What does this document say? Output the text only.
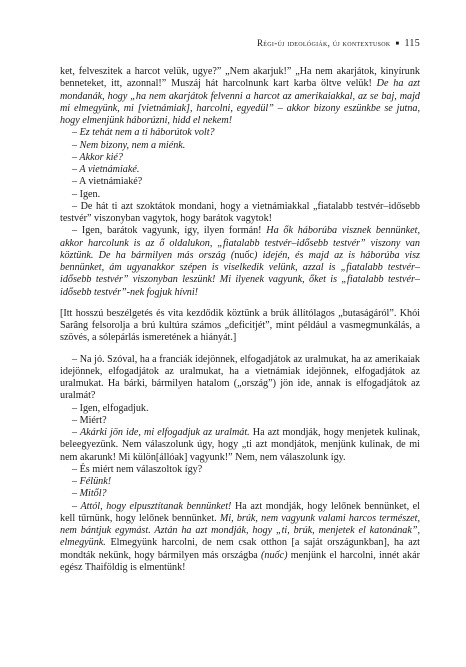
Régi-új ideológiák, új kontextusok ■ 115

ket, felveszitek a harcot velük, ugye?” „Nem akarjuk!” „Ha nem akarjátok, kinyírunk benneteket, itt, azonnal!” Muszáj hát harcolnunk kart karba öltve velük! De ha azt mondanák, hogy „ha nem akarjátok felvenni a harcot az amerikaiakkal, az se baj, majd mi elmegyünk, mi [vietnámiak], harcolni, egyedül” – akkor bizony eszünkbe se jutna, hogy elmenjünk háborúzni, hidd el nekem!

– Ez tehát nem a ti háborútok volt?

– Nem bizony, nem a miénk.

– Akkor kié?

– A vietnámiaké.

– A vietnámiaké?

– Igen.

– De hát ti azt szoktátok mondani, hogy a vietnámiakkal „fiatalabb testvér–idősebb testvér” viszonyban vagytok, hogy barátok vagytok!

– Igen, barátok vagyunk, így, ilyen formán! Ha ők háborúba visznek bennünket, akkor harcolunk is az ő oldalukon, „fiatalabb testvér–idősebb testvér” viszony van köztünk. De ha bármilyen más ország (nuốc) idején, és majd az is háborúba visz bennünket, ám ugyanakkor szépen is viselkedik velünk, azzal is „fiatalabb testvér–idősebb testvér” viszonyban leszünk! Mi ilyenek vagyunk, őket is „fiatalabb testvér–idősebb testvér”-nek fogjuk hívni!

[Itt hosszú beszélgetés és vita kezdődik köztünk a brúk állítólagos „butaságáról”. Khỏi Sarâng felsorolja a brú kultúra számos „deficitjét”, mint például a vasmegmunkálás, a szövés, a sólepárlás ismeretének a hiányát.]

– Na jó. Szóval, ha a franciák idejönnek, elfogadjátok az uralmukat, ha az amerikaiak idejönnek, elfogadjátok az uralmukat, ha a vietnámiak idejönnek, elfogadjátok az uralmukat. Ha bárki, bármilyen hatalom („ország”) jön ide, annak is elfogadjátok az uralmát?

– Igen, elfogadjuk.

– Miért?

– Akárki jön ide, mi elfogadjuk az uralmát. Ha azt mondják, hogy menjetek kulinak, beleegyezünk. Nem válaszolunk úgy, hogy „ti azt mondjátok, menjünk kulinak, de mi nem akarunk! Mi külön[állóak] vagyunk!” Nem, nem válaszolunk így.

– És miért nem válaszoltok így?

– Félünk!

– Mitől?

– Attól, hogy elpusztítanak bennünket! Ha azt mondják, hogy lelőnek bennünket, el kell tűrnünk, hogy lelőnek bennünket. Mi, brúk, nem vagyunk valami harcos természet, nem bántjuk egymást. Aztán ha azt mondják, hogy „ti, brúk, menjetek el katonának”, elmegyünk. Elmegyünk harcolni, de nem csak otthon [a saját országunkban], ha azt mondták nekünk, hogy bármilyen más országba (nuốc) menjünk el harcolni, innét akár egész Thaiföldig is elmentünk!
